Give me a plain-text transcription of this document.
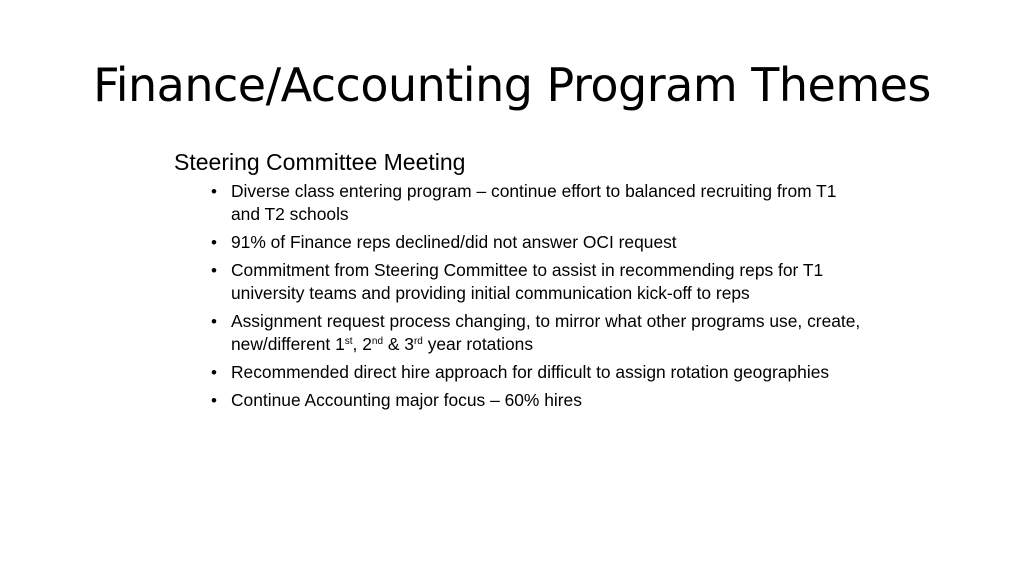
Finance/Accounting Program Themes
Steering Committee Meeting
• Diverse class entering program – continue effort to balanced recruiting from T1 and T2 schools
• 91% of Finance reps declined/did not answer OCI request
• Commitment from Steering Committee to assist in recommending reps for T1 university teams and providing initial communication kick-off to reps
• Assignment request process changing, to mirror what other programs use, create, new/different 1st, 2nd & 3rd year rotations
• Recommended direct hire approach for difficult to assign rotation geographies
• Continue Accounting major focus – 60% hires
